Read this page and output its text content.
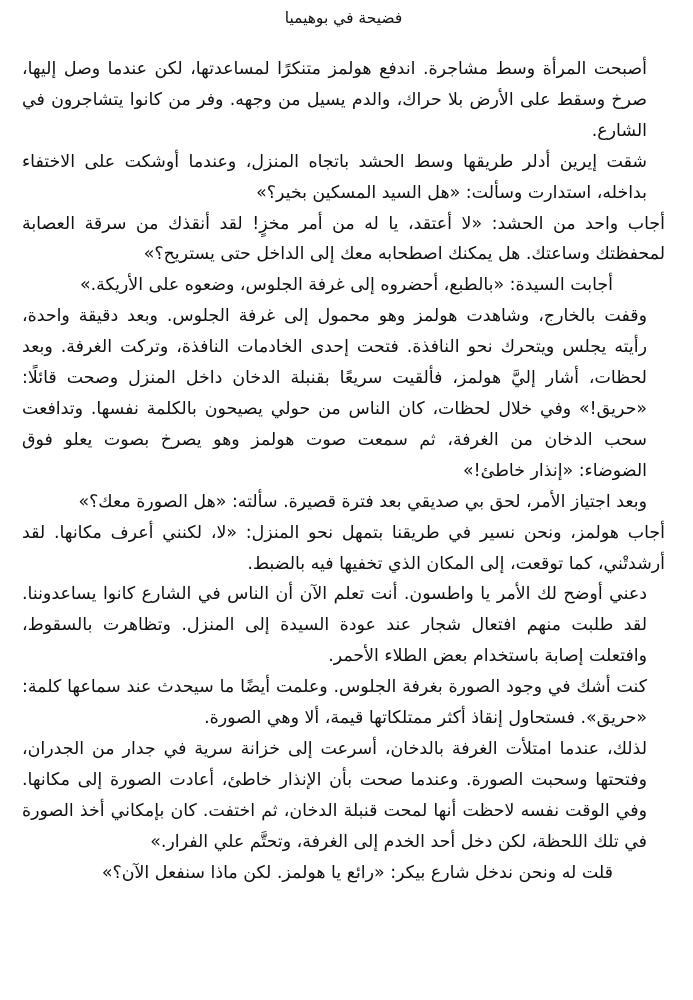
فضيحة في بوهيميا

أصبحت المرأة وسط مشاجرة. اندفع هولمز متنكرًا لمساعدتها، لكن عندما وصل إليها، صرخ وسقط على الأرض بلا حراك، والدم يسيل من وجهه. وفر من كانوا يتشاجرون في الشارع.

شقت إيرين أدلر طريقها وسط الحشد باتجاه المنزل، وعندما أوشكت على الاختفاء بداخله، استدارت وسألت: «هل السيد المسكين بخير؟»

أجاب واحد من الحشد: «لا أعتقد، يا له من أمر مخزٍ! لقد أنقذك من سرقة العصابة لمحفظتك وساعتك. هل يمكنك اصطحابه معك إلى الداخل حتى يستريح؟»

أجابت السيدة: «بالطبع، أحضروه إلى غرفة الجلوس، وضعوه على الأريكة.»

وقفت بالخارج، وشاهدت هولمز وهو محمول إلى غرفة الجلوس. وبعد دقيقة واحدة، رأيته يجلس ويتحرك نحو النافذة. فتحت إحدى الخادمات النافذة، وتركت الغرفة. وبعد لحظات، أشار إليَّ هولمز، فألقيت سريعًا بقنبلة الدخان داخل المنزل وصحت قائلًا: «حريق!» وفي خلال لحظات، كان الناس من حولي يصيحون بالكلمة نفسها. وتدافعت سحب الدخان من الغرفة، ثم سمعت صوت هولمز وهو يصرخ بصوت يعلو فوق الضوضاء: «إنذار خاطئ!»

وبعد اجتياز الأمر، لحق بي صديقي بعد فترة قصيرة. سألته: «هل الصورة معك؟»

أجاب هولمز، ونحن نسير في طريقنا بتمهل نحو المنزل: «لا، لكنني أعرف مكانها. لقد أرشدتْني، كما توقعت، إلى المكان الذي تخفيها فيه بالضبط.

دعني أوضح لك الأمر يا واطسون. أنت تعلم الآن أن الناس في الشارع كانوا يساعدوننا. لقد طلبت منهم افتعال شجار عند عودة السيدة إلى المنزل. وتظاهرت بالسقوط، وافتعلت إصابة باستخدام بعض الطلاء الأحمر.

كنت أشك في وجود الصورة بغرفة الجلوس. وعلمت أيضًا ما سيحدث عند سماعها كلمة: «حريق». فستحاول إنقاذ أكثر ممتلكاتها قيمة، ألا وهي الصورة.

لذلك، عندما امتلأت الغرفة بالدخان، أسرعت إلى خزانة سرية في جدار من الجدران، وفتحتها وسحبت الصورة. وعندما صحت بأن الإنذار خاطئ، أعادت الصورة إلى مكانها. وفي الوقت نفسه لاحظت أنها لمحت قنبلة الدخان، ثم اختفت. كان بإمكاني أخذ الصورة في تلك اللحظة، لكن دخل أحد الخدم إلى الغرفة، وتحتَّم علي الفرار.»

قلت له ونحن ندخل شارع بيكر: «رائع يا هولمز. لكن ماذا سنفعل الآن؟»
